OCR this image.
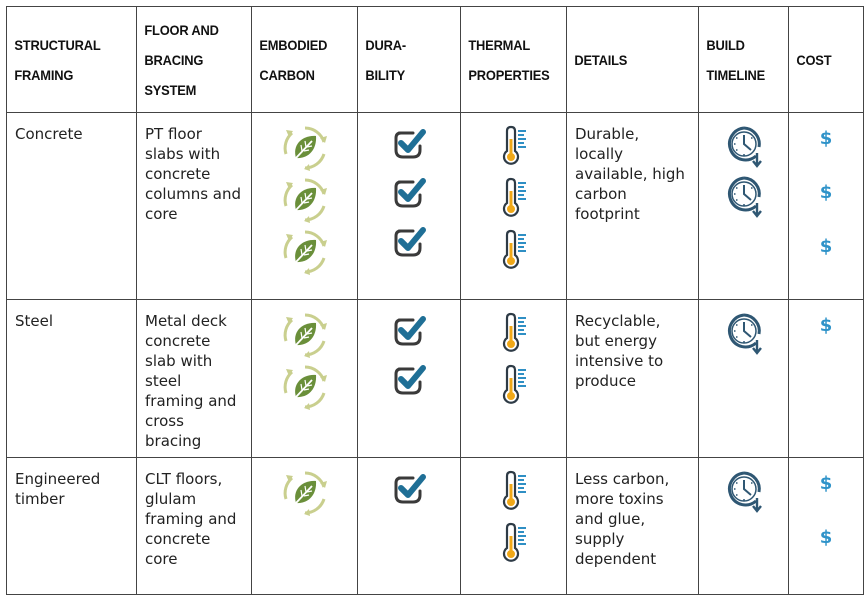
STRUCTURAL FRAMING	FLOOR AND BRACING SYSTEM	EMBODIED CARBON	DURA- BILITY	THERMAL PROPERTIES	DETAILS	BUILD TIMELINE	COST

Concrete	PT floor slabs with concrete columns and core				Durable, locally available, high carbon footprint		$
$
$

Steel	Metal deck concrete slab with steel framing and cross bracing				Recyclable, but energy intensive to produce		$

Engineered timber	CLT floors, glulam framing and concrete core				Less carbon, more toxins and glue, supply dependent		$
$
